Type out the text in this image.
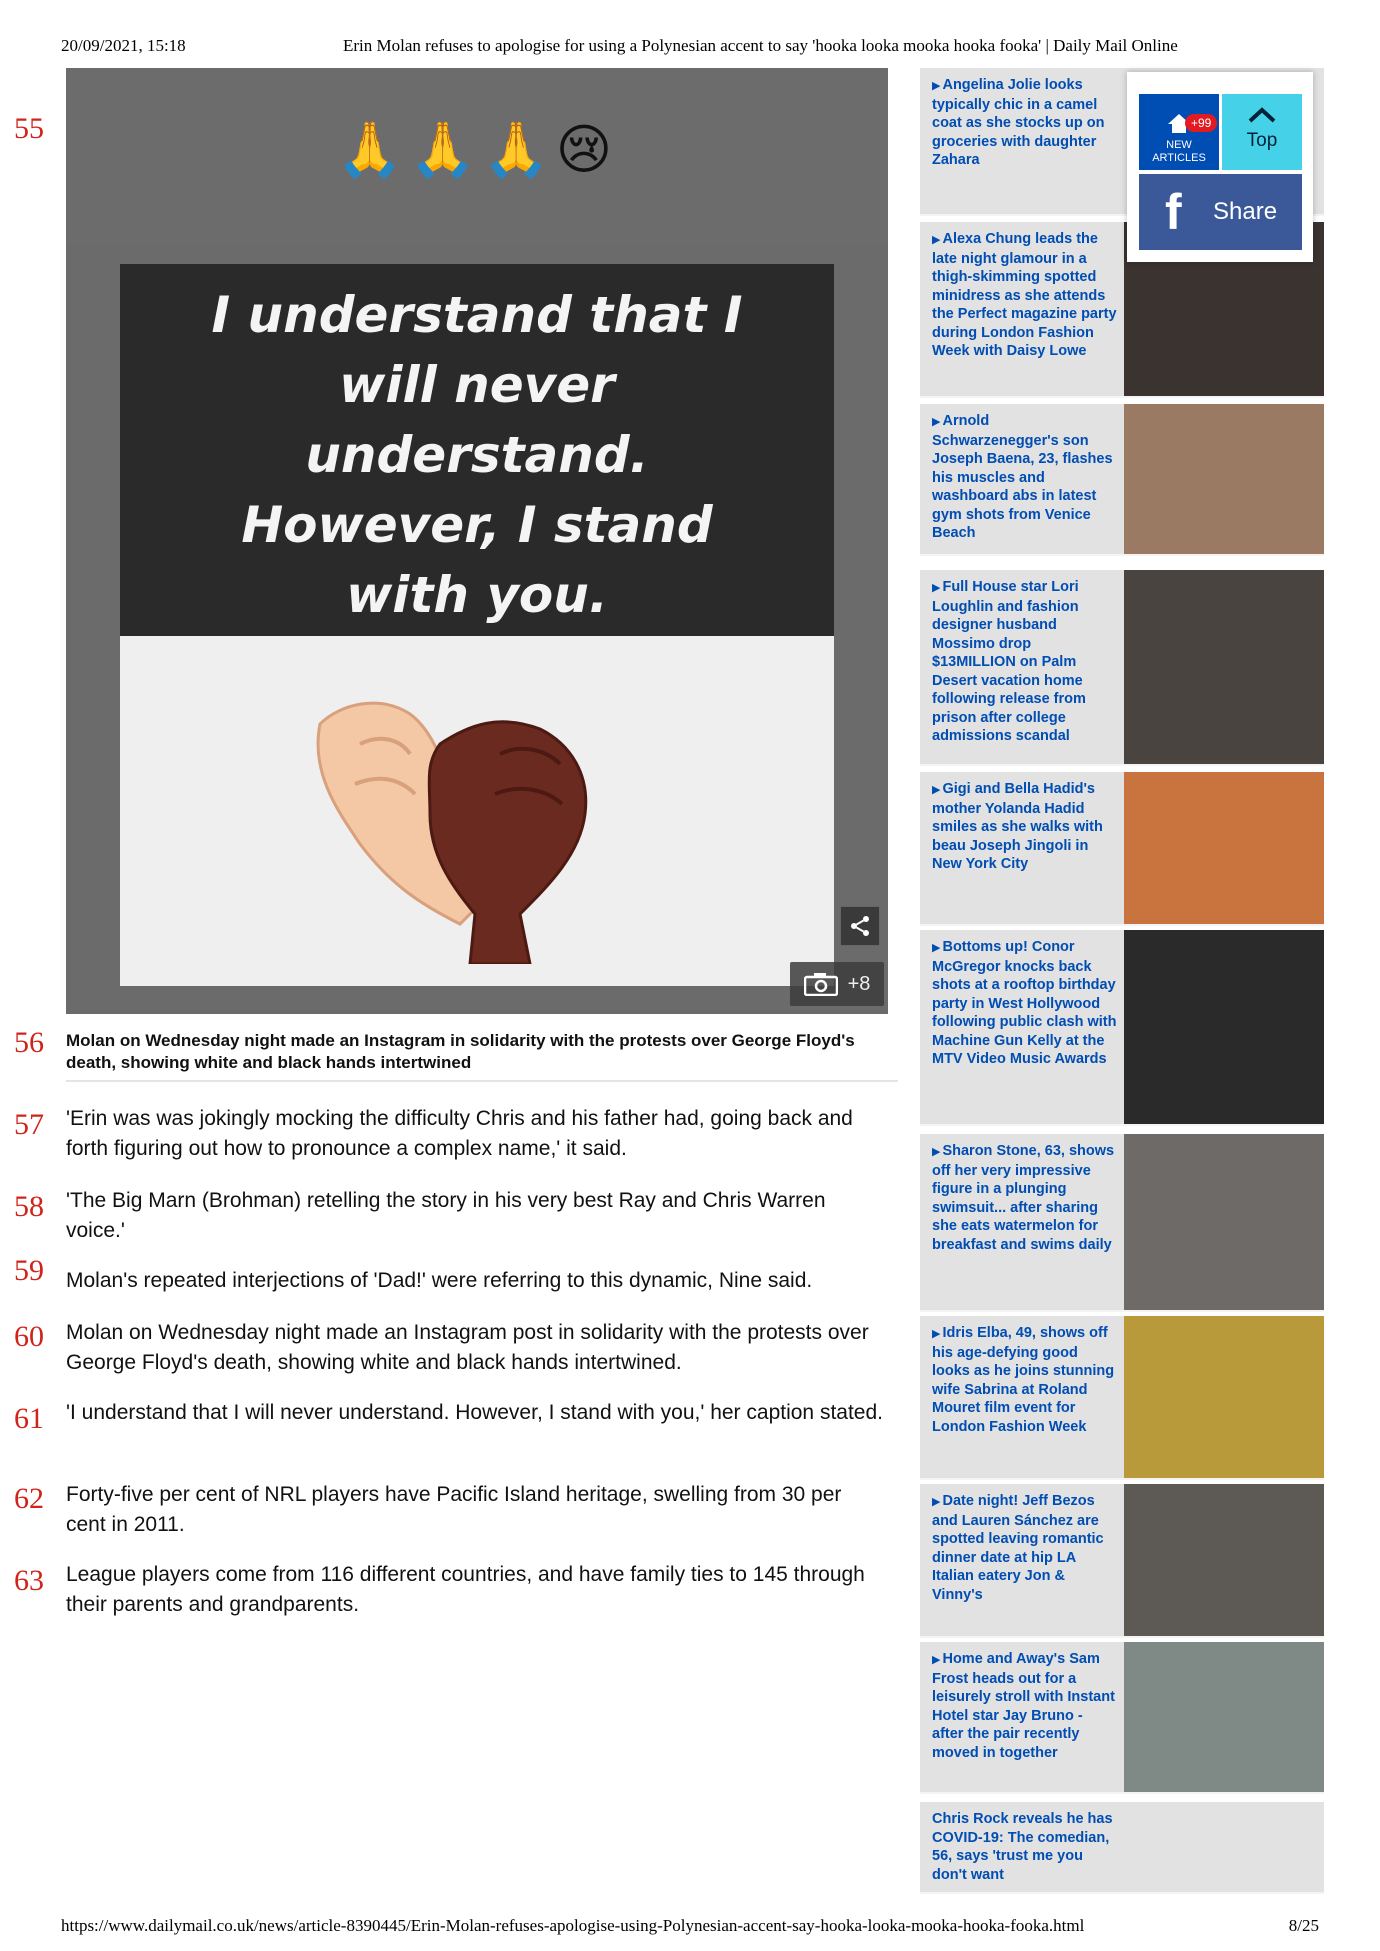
20/09/2021, 15:18	Erin Molan refuses to apologise for using a Polynesian accent to say 'hooka looka mooka hooka fooka' | Daily Mail Online
55
56
57
58
59
60
61
62
63
🙏🙏🙏😢
I understand that I
will never
understand.
However, I stand
with you.
+8
Molan on Wednesday night made an Instagram in solidarity with the protests over George Floyd's death, showing white and black hands intertwined

'Erin was was jokingly mocking the difficulty Chris and his father had, going back and forth figuring out how to pronounce a complex name,' it said.

'The Big Marn (Brohman) retelling the story in his very best Ray and Chris Warren voice.'

Molan's repeated interjections of 'Dad!' were referring to this dynamic, Nine said.

Molan on Wednesday night made an Instagram post in solidarity with the protests over George Floyd's death, showing white and black hands intertwined.

'I understand that I will never understand. However, I stand with you,' her caption stated.

Forty-five per cent of NRL players have Pacific Island heritage, swelling from 30 per cent in 2011.

League players come from 116 different countries, and have family ties to 145 through their parents and grandparents.

▶ Angelina Jolie looks typically chic in a camel coat as she stocks up on groceries with daughter Zahara
▶ Alexa Chung leads the late night glamour in a thigh-skimming spotted minidress as she attends the Perfect magazine party during London Fashion Week with Daisy Lowe
▶ Arnold Schwarzenegger's son Joseph Baena, 23, flashes his muscles and washboard abs in latest gym shots from Venice Beach
▶ Full House star Lori Loughlin and fashion designer husband Mossimo drop $13MILLION on Palm Desert vacation home following release from prison after college admissions scandal
▶ Gigi and Bella Hadid's mother Yolanda Hadid smiles as she walks with beau Joseph Jingoli in New York City
▶ Bottoms up! Conor McGregor knocks back shots at a rooftop birthday party in West Hollywood following public clash with Machine Gun Kelly at the MTV Video Music Awards
▶ Sharon Stone, 63, shows off her very impressive figure in a plunging swimsuit... after sharing she eats watermelon for breakfast and swims daily
▶ Idris Elba, 49, shows off his age-defying good looks as he joins stunning wife Sabrina at Roland Mouret film event for London Fashion Week
▶ Date night! Jeff Bezos and Lauren Sánchez are spotted leaving romantic dinner date at hip LA Italian eatery Jon & Vinny's
▶ Home and Away's Sam Frost heads out for a leisurely stroll with Instant Hotel star Jay Bruno - after the pair recently moved in together
Chris Rock reveals he has COVID-19: The comedian, 56, says 'trust me you don't want
+99
NEW ARTICLES
Top
f Share
https://www.dailymail.co.uk/news/article-8390445/Erin-Molan-refuses-apologise-using-Polynesian-accent-say-hooka-looka-mooka-hooka-fooka.html	8/25
